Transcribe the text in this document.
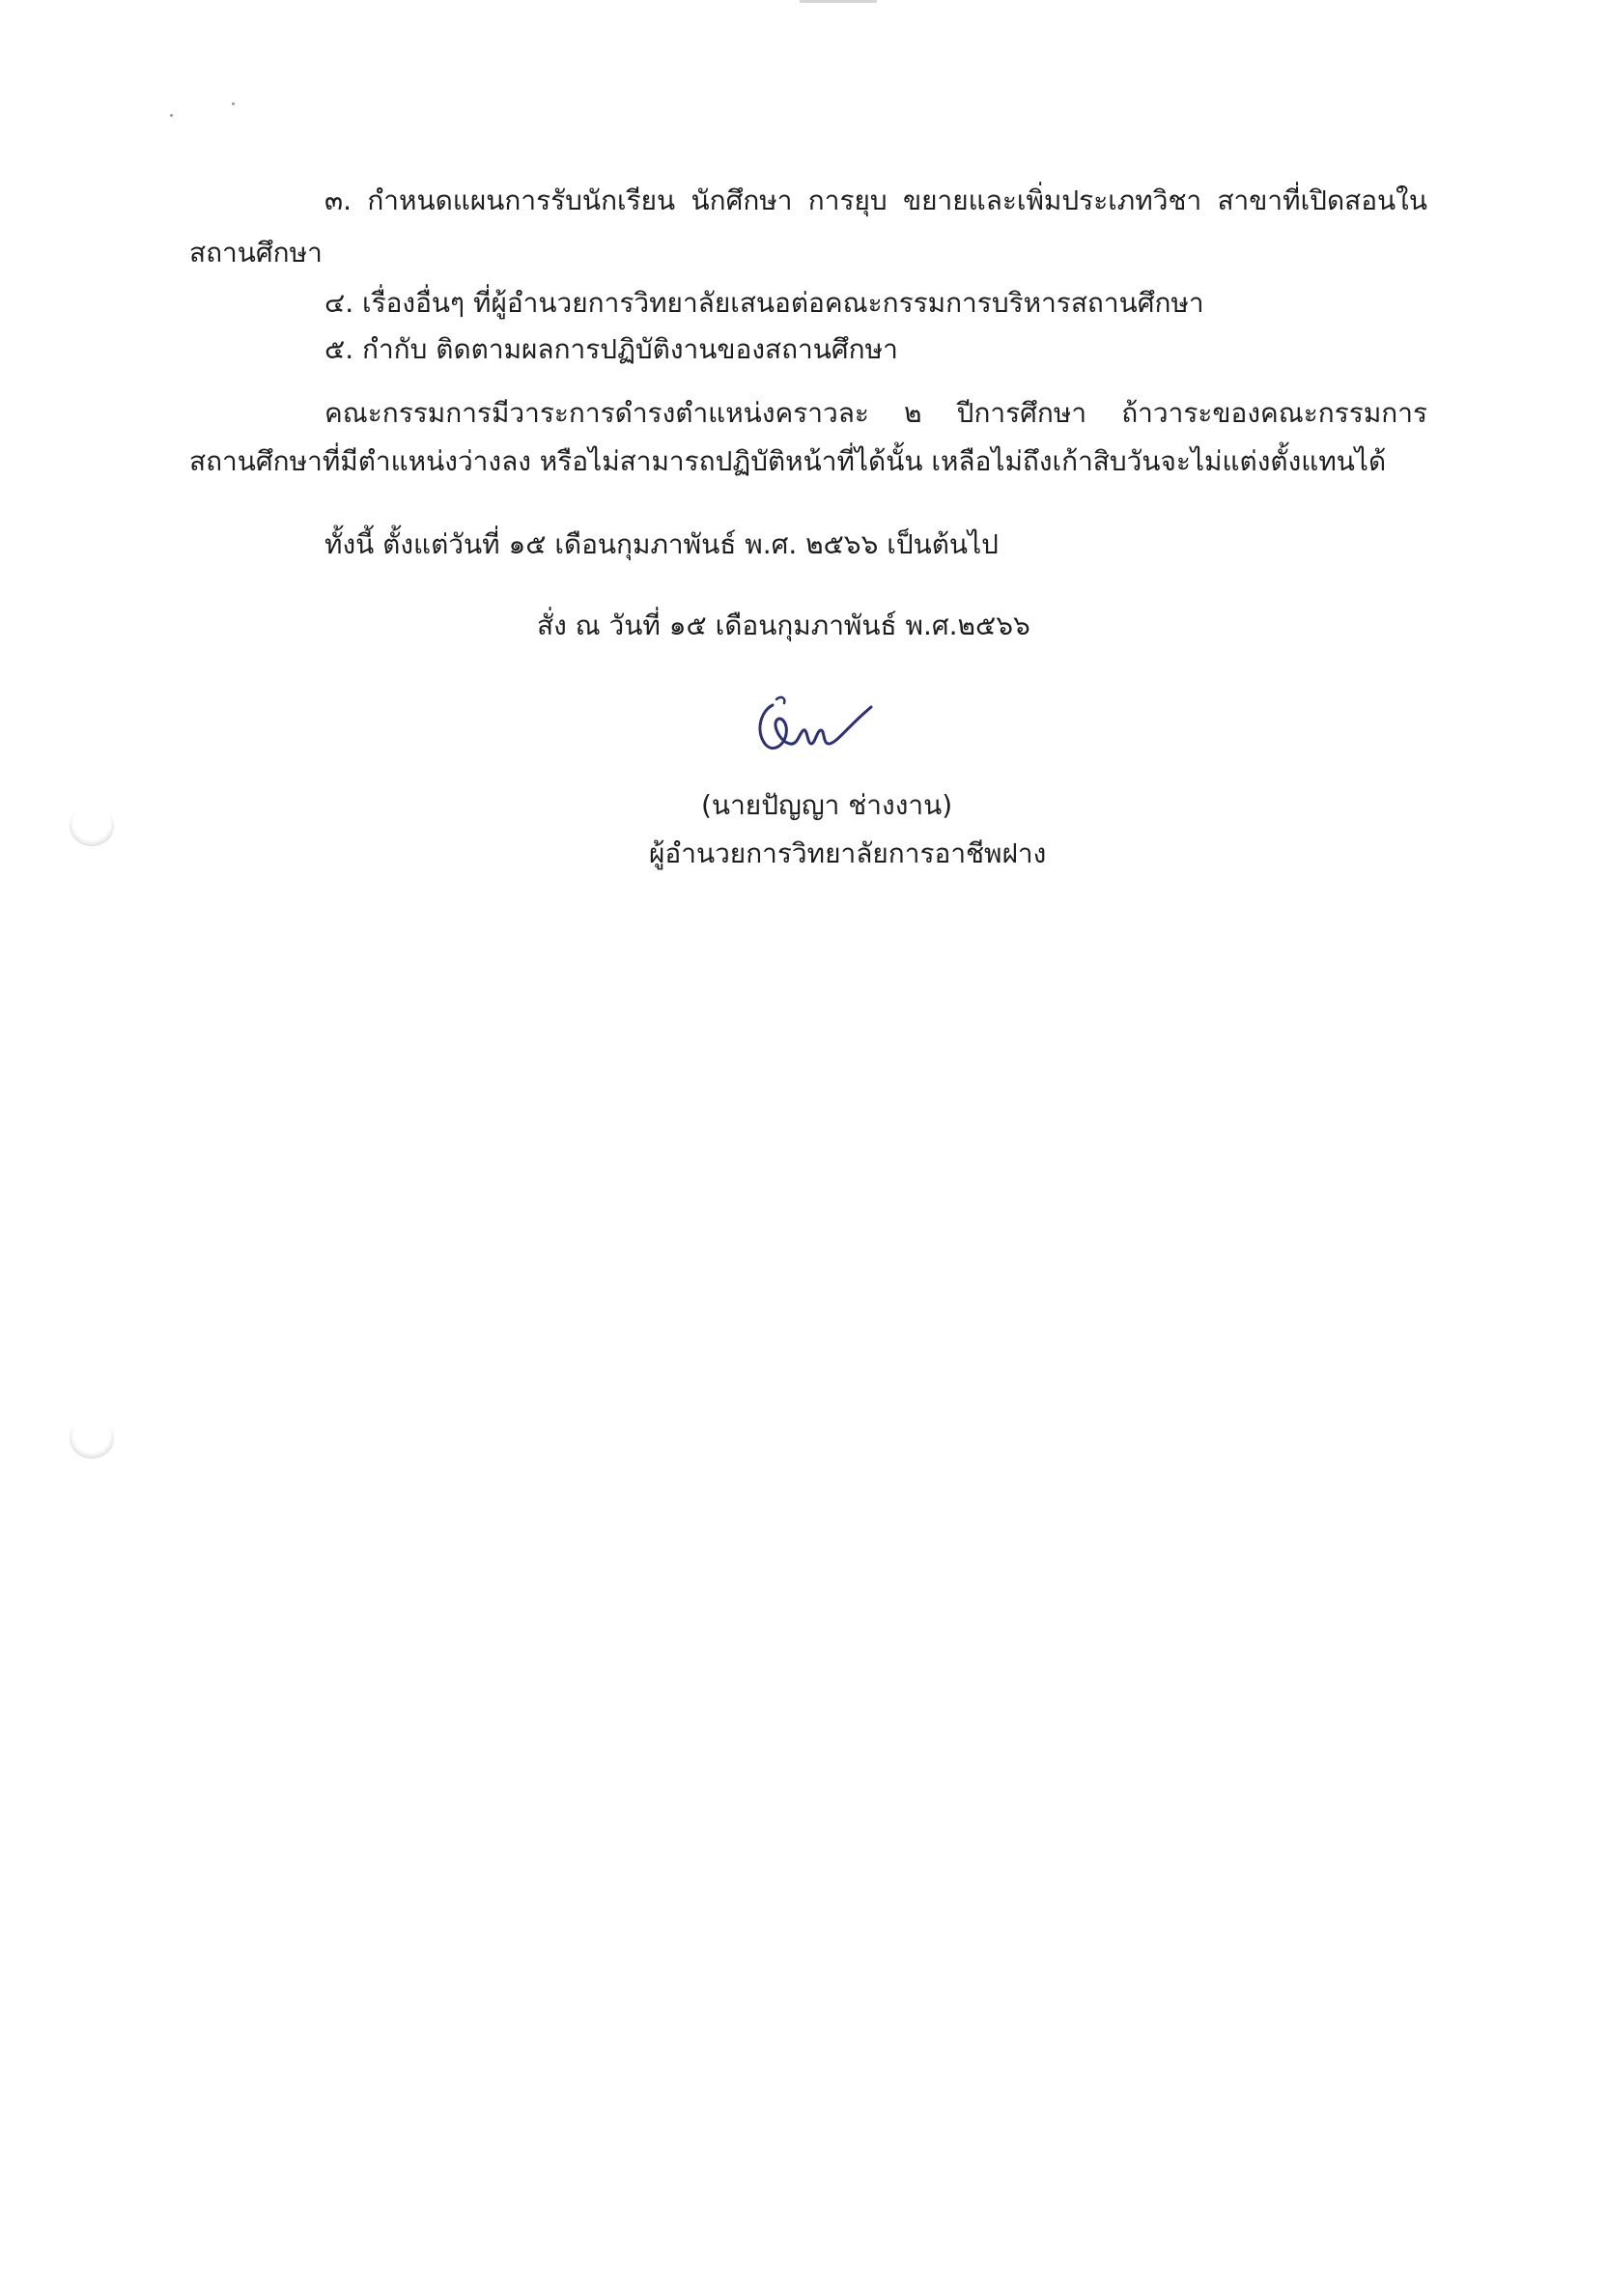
๓. กำหนดแผนการรับนักเรียน นักศึกษา การยุบ ขยายและเพิ่มประเภทวิชา สาขาที่เปิดสอนใน
สถานศึกษา
๔. เรื่องอื่นๆ ที่ผู้อำนวยการวิทยาลัยเสนอต่อคณะกรรมการบริหารสถานศึกษา
๕. กำกับ ติดตามผลการปฏิบัติงานของสถานศึกษา
คณะกรรมการมีวาระการดำรงตำแหน่งคราวละ ๒ ปีการศึกษา ถ้าวาระของคณะกรรมการ
สถานศึกษาที่มีตำแหน่งว่างลง หรือไม่สามารถปฏิบัติหน้าที่ได้นั้น เหลือไม่ถึงเก้าสิบวันจะไม่แต่งตั้งแทนได้
ทั้งนี้ ตั้งแต่วันที่ ๑๕ เดือนกุมภาพันธ์ พ.ศ. ๒๕๖๖ เป็นต้นไป
สั่ง ณ วันที่ ๑๕ เดือนกุมภาพันธ์ พ.ศ.๒๕๖๖
(นายปัญญา ช่างงาน)
ผู้อำนวยการวิทยาลัยการอาชีพฝาง
